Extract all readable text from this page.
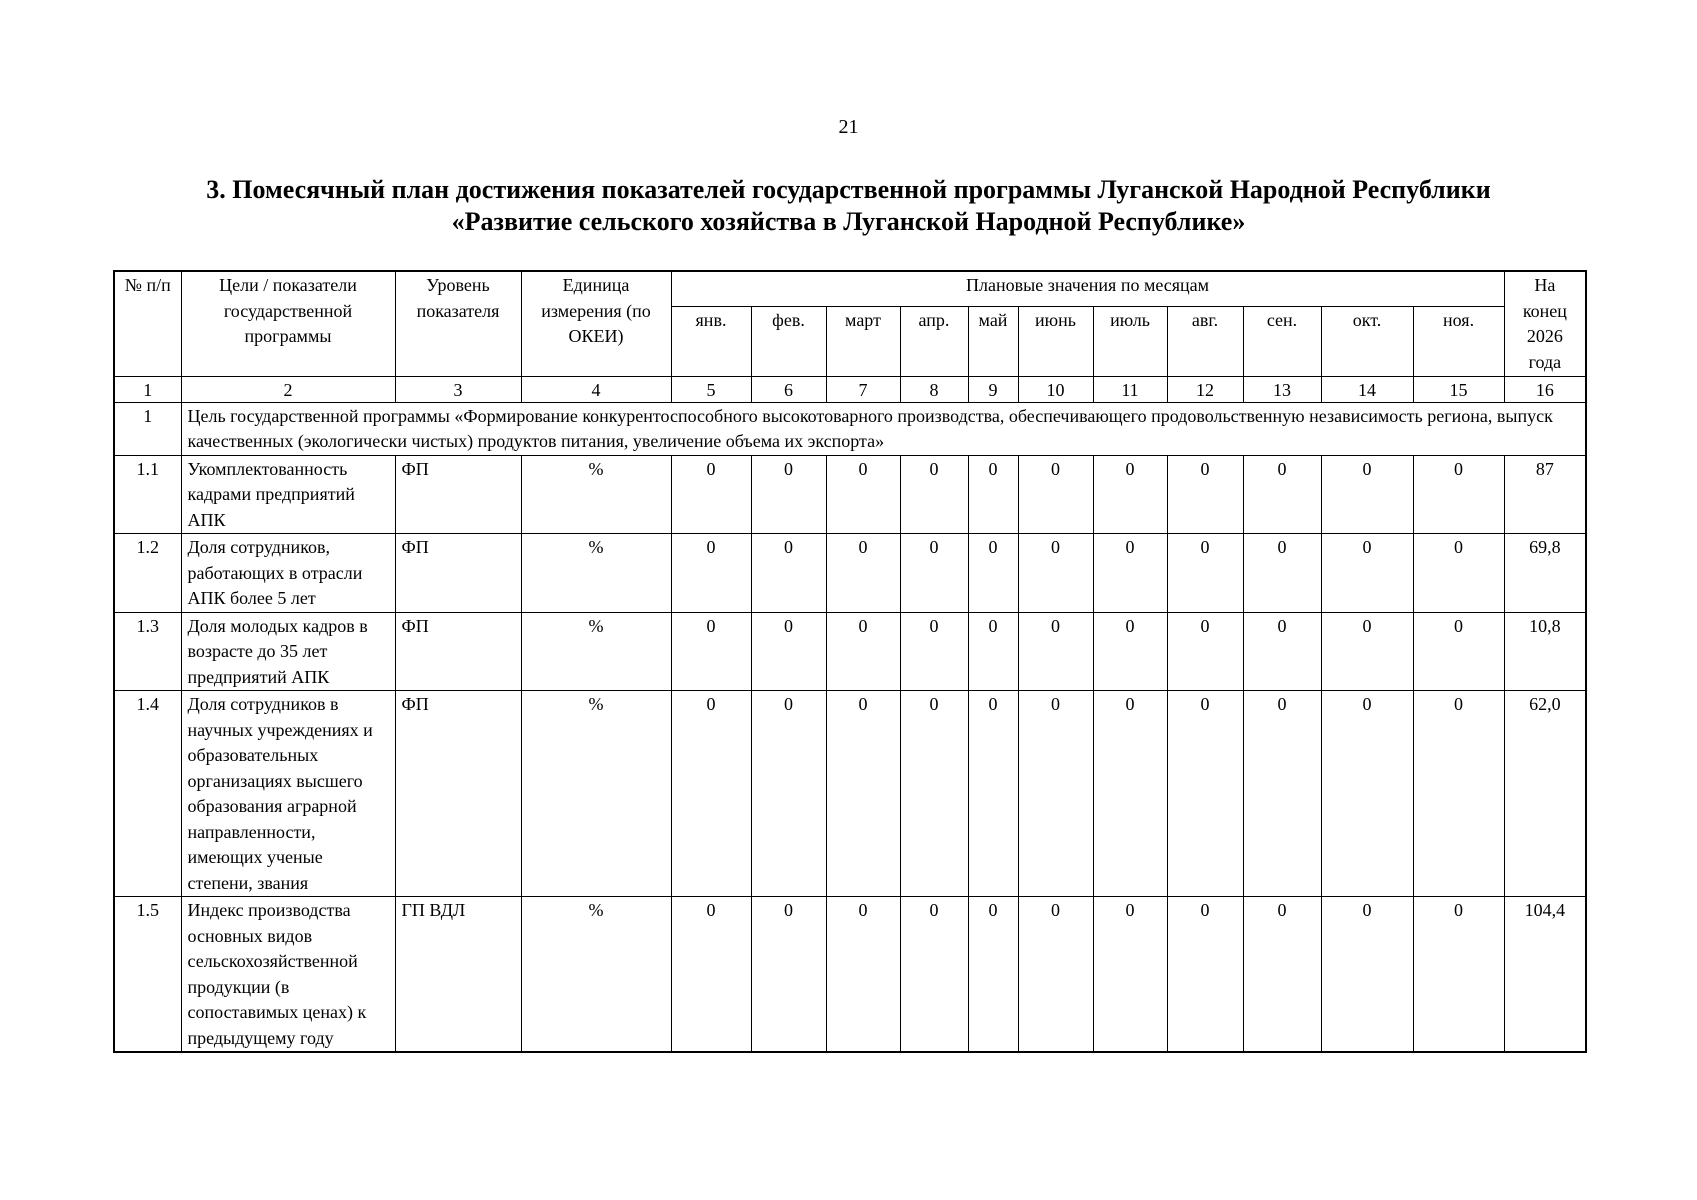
21
3. Помесячный план достижения показателей государственной программы Луганской Народной Республики
«Развитие сельского хозяйства в Луганской Народной Республике»
№ п/п	Цели / показатели государственной программы	Уровень показателя	Единица измерения (по ОКЕИ)	Плановые значения по месяцам											На конец 2026 года
				янв.	фев.	март	апр.	май	июнь	июль	авг.	сен.	окт.	ноя.	
1	2	3	4	5	6	7	8	9	10	11	12	13	14	15	16
1	Цель государственной программы «Формирование конкурентоспособного высокотоварного производства, обеспечивающего продовольственную независимость региона, выпуск качественных (экологически чистых) продуктов питания, увеличение объема их экспорта»														
1.1	Укомплектованность кадрами предприятий АПК	ФП	%	0	0	0	0	0	0	0	0	0	0	0	87
1.2	Доля сотрудников, работающих в отрасли АПК более 5 лет	ФП	%	0	0	0	0	0	0	0	0	0	0	0	69,8
1.3	Доля молодых кадров в возрасте до 35 лет предприятий АПК	ФП	%	0	0	0	0	0	0	0	0	0	0	0	10,8
1.4	Доля сотрудников в научных учреждениях и образовательных организациях высшего образования аграрной направленности, имеющих ученые степени, звания	ФП	%	0	0	0	0	0	0	0	0	0	0	0	62,0
1.5	Индекс производства основных видов сельскохозяйственной продукции (в сопоставимых ценах) к предыдущему году	ГП ВДЛ	%	0	0	0	0	0	0	0	0	0	0	0	104,4
